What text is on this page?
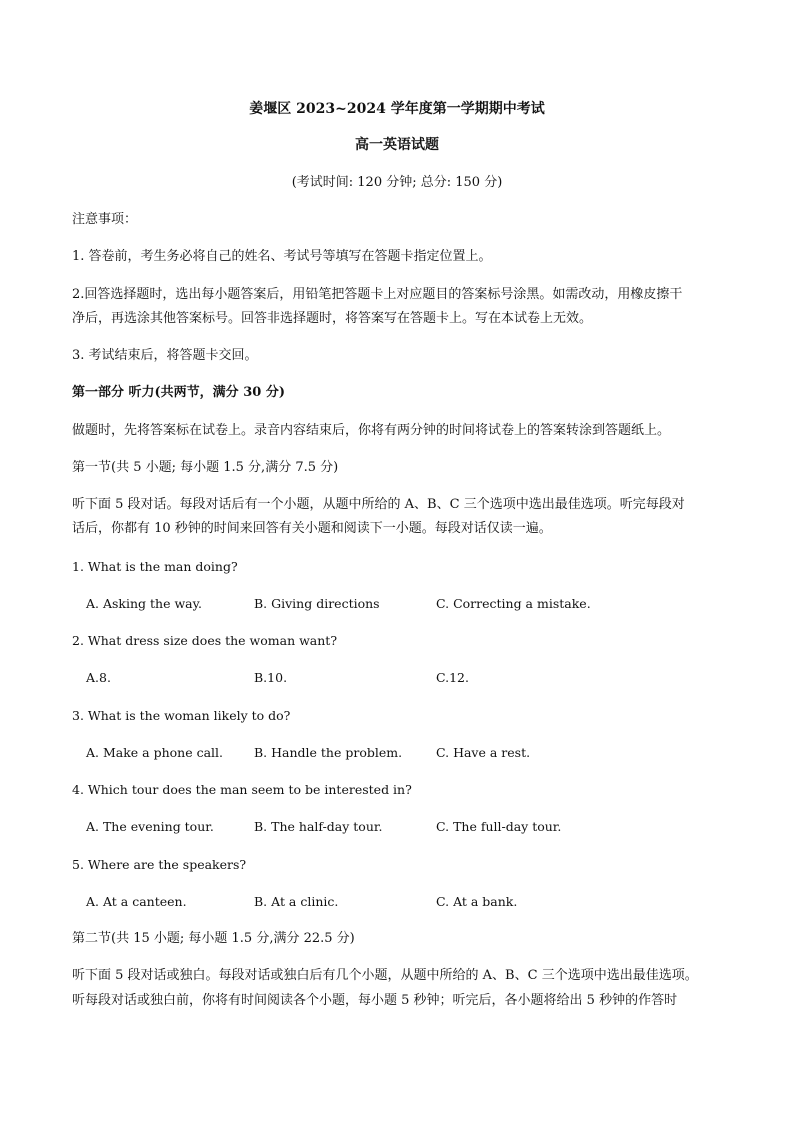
姜堰区 2023~2024 学年度第一学期期中考试
高一英语试题
(考试时间: 120 分钟; 总分: 150 分)
注意事项：
1. 答卷前，考生务必将自己的姓名、考试号等填写在答题卡指定位置上。
2.回答选择题时，选出每小题答案后，用铅笔把答题卡上对应题目的答案标号涂黑。如需改动，用橡皮擦干
净后，再选涂其他答案标号。回答非选择题时，将答案写在答题卡上。写在本试卷上无效。
3. 考试结束后，将答题卡交回。
第一部分 听力(共两节，满分 30 分)
做题时，先将答案标在试卷上。录音内容结束后，你将有两分钟的时间将试卷上的答案转涂到答题纸上。
第一节(共 5 小题; 每小题 1.5 分,满分 7.5 分)
听下面 5 段对话。每段对话后有一个小题，从题中所给的 A、B、C 三个选项中选出最佳选项。听完每段对
话后，你都有 10 秒钟的时间来回答有关小题和阅读下一小题。每段对话仅读一遍。
1. What is the man doing?
A. Asking the way.	B. Giving directions	C. Correcting a mistake.
2. What dress size does the woman want?
A.8.	B.10.	C.12.
3. What is the woman likely to do?
A. Make a phone call. B. Handle the problem.	C. Have a rest.
4. Which tour does the man seem to be interested in?
A. The evening tour.	B. The half-day tour.	C. The full-day tour.
5. Where are the speakers?
A. At a canteen.	B. At a clinic.	C. At a bank.
第二节(共 15 小题; 每小题 1.5 分,满分 22.5 分)
听下面 5 段对话或独白。每段对话或独白后有几个小题，从题中所给的 A、B、C 三个选项中选出最佳选项。
听每段对话或独白前，你将有时间阅读各个小题，每小题 5 秒钟；听完后，各小题将给出 5 秒钟的作答时
